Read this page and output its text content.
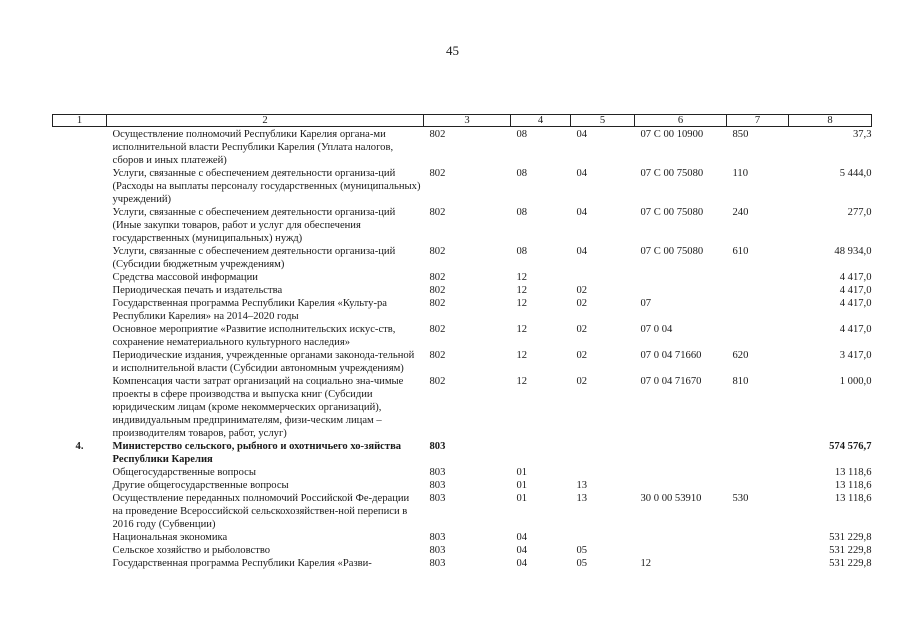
45
1	2	3	4	5	6	7	8
	Осуществление полномочий Республики Карелия органа-ми исполнительной власти Республики Карелия (Уплата налогов, сборов и иных платежей)	802	08	04	07 С 00 10900	850	37,3
	Услуги, связанные с обеспечением деятельности организа-ций (Расходы на выплаты персоналу государственных (муниципальных) учреждений)	802	08	04	07 С 00 75080	110	5 444,0
	Услуги, связанные с обеспечением деятельности организа-ций (Иные закупки товаров, работ и услуг для обеспечения государственных (муниципальных) нужд)	802	08	04	07 С 00 75080	240	277,0
	Услуги, связанные с обеспечением деятельности организа-ций (Субсидии бюджетным учреждениям)	802	08	04	07 С 00 75080	610	48 934,0
	Средства массовой информации	802	12				4 417,0
	Периодическая печать и издательства	802	12	02			4 417,0
	Государственная программа Республики Карелия «Культу-ра Республики Карелия» на 2014–2020 годы	802	12	02	07		4 417,0
	Основное мероприятие «Развитие исполнительских искус-ств, сохранение нематериального культурного наследия»	802	12	02	07 0 04		4 417,0
	Периодические издания, учрежденные органами законода-тельной и исполнительной власти (Субсидии автономным учреждениям)	802	12	02	07 0 04 71660	620	3 417,0
	Компенсация части затрат организаций на социально зна-чимые проекты в сфере производства и выпуска книг (Субсидии юридическим лицам (кроме некоммерческих организаций), индивидуальным предпринимателям, физи-ческим лицам – производителям товаров, работ, услуг)	802	12	02	07 0 04 71670	810	1 000,0
4.	Министерство сельского, рыбного и охотничьего хо-зяйства Республики Карелия	803					574 576,7
	Общегосударственные вопросы	803	01				13 118,6
	Другие общегосударственные вопросы	803	01	13			13 118,6
	Осуществление переданных полномочий Российской Фе-дерации на проведение Всероссийской сельскохозяйствен-ной переписи в 2016 году (Субвенции)	803	01	13	30 0 00 53910	530	13 118,6
	Национальная экономика	803	04				531 229,8
	Сельское хозяйство и рыболовство	803	04	05			531 229,8
	Государственная программа Республики Карелия «Разви-	803	04	05	12		531 229,8
